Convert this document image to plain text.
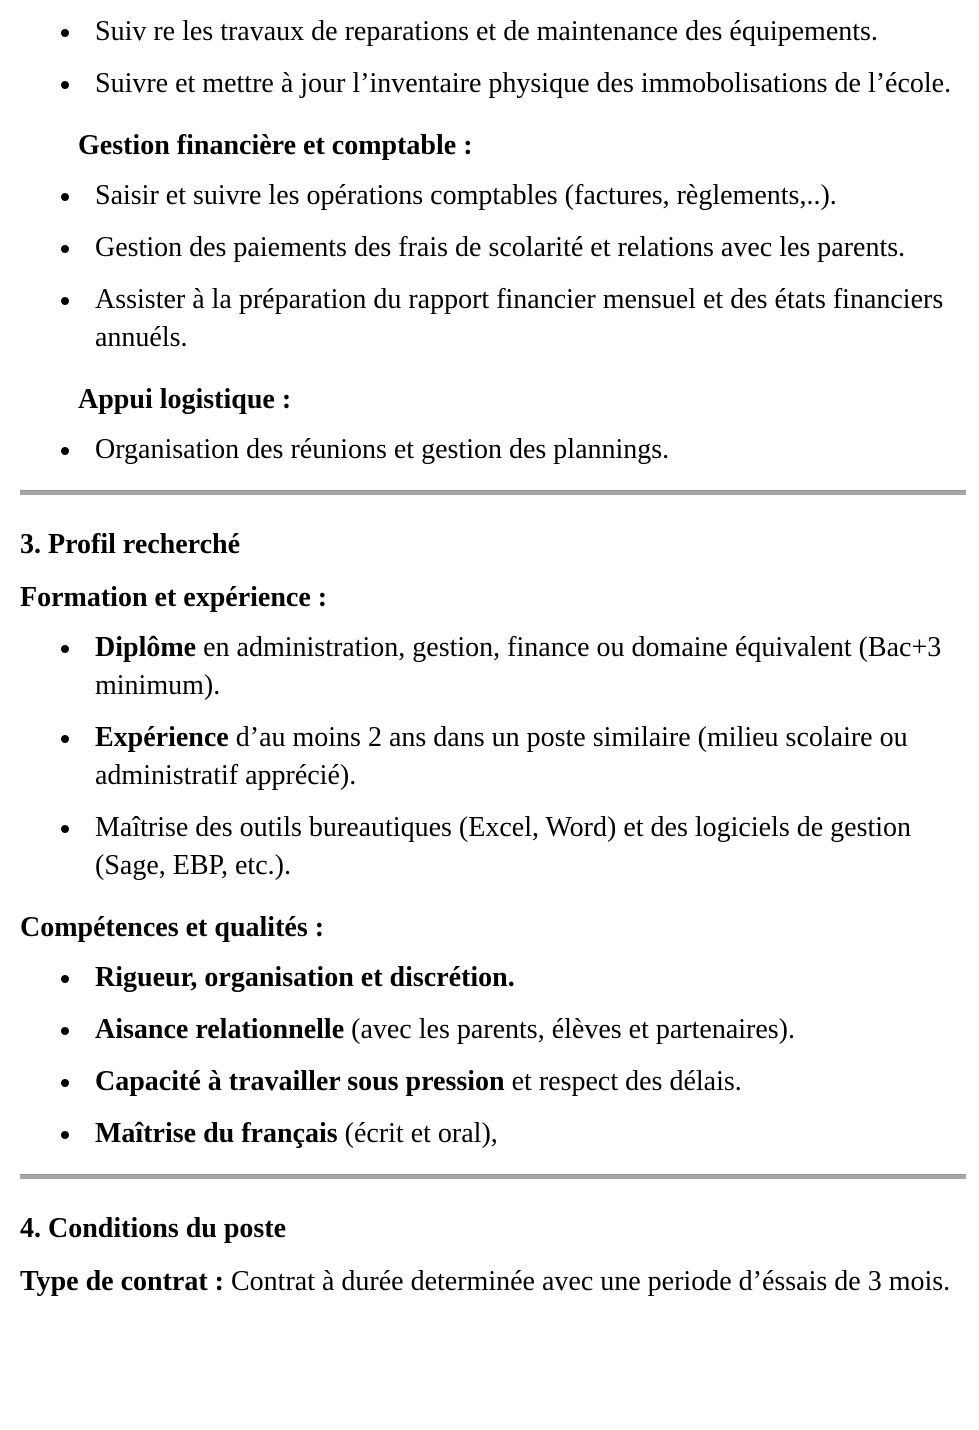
Suiv re les travaux de reparations et de maintenance des équipements.
Suivre et mettre à jour l’inventaire physique des immobolisations de l’école.
Gestion financière et comptable :
Saisir et suivre les opérations comptables (factures, règlements,..).
Gestion des paiements des frais de scolarité et relations avec les parents.
Assister à la préparation du rapport financier mensuel et des états financiers annuéls.
Appui logistique :
Organisation des réunions et gestion des plannings.
3. Profil recherché
Formation et expérience :
Diplôme en administration, gestion, finance ou domaine équivalent (Bac+3 minimum).
Expérience d’au moins 2 ans dans un poste similaire (milieu scolaire ou administratif apprécié).
Maîtrise des outils bureautiques (Excel, Word) et des logiciels de gestion (Sage, EBP, etc.).
Compétences et qualités :
Rigueur, organisation et discrétion.
Aisance relationnelle (avec les parents, élèves et partenaires).
Capacité à travailler sous pression et respect des délais.
Maîtrise du français (écrit et oral),
4. Conditions du poste

Type de contrat : Contrat à durée determinée avec une periode d’éssais de 3 mois.
